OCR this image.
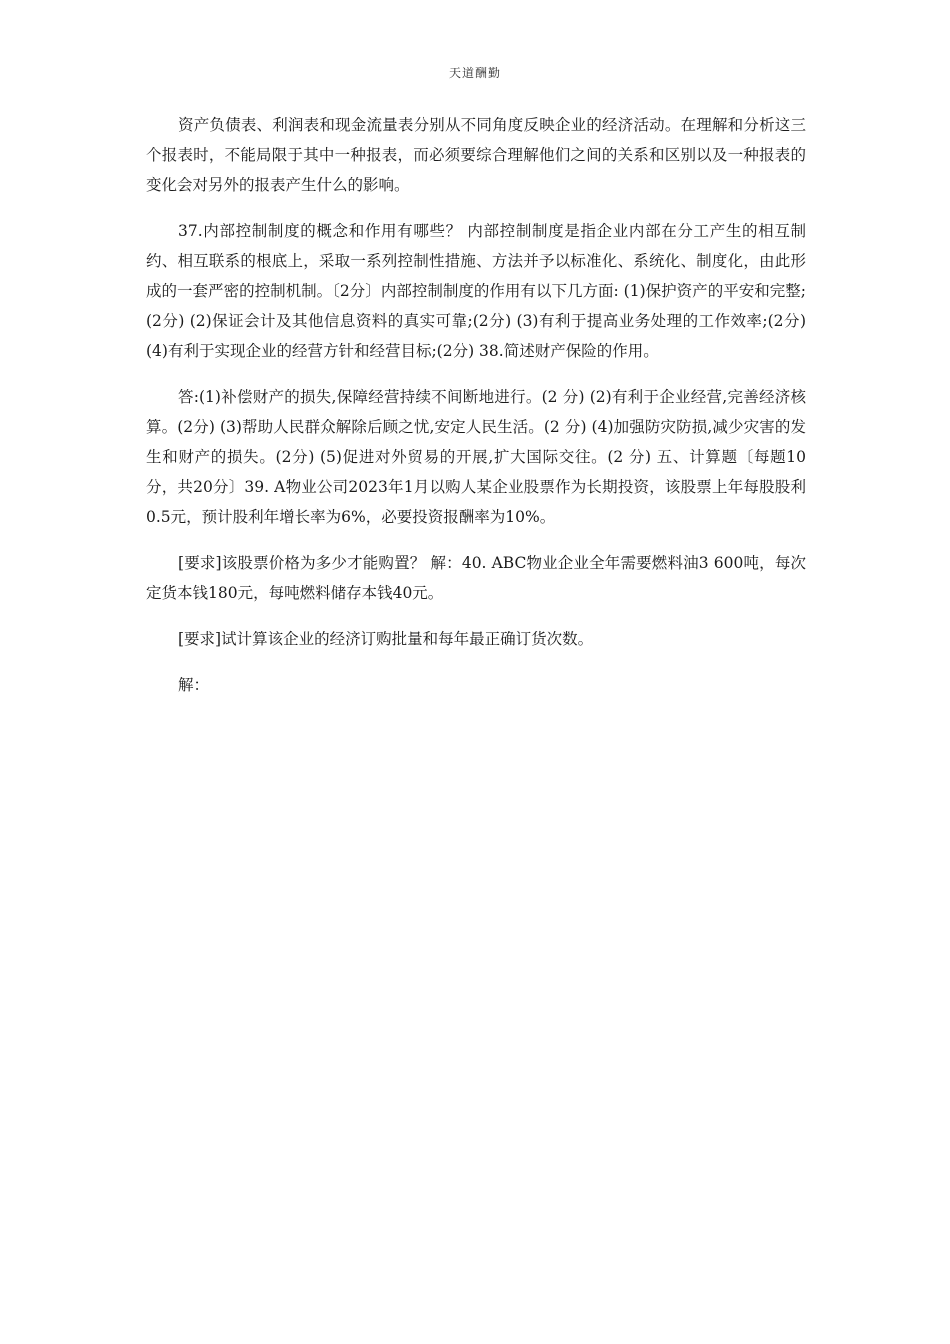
天道酬勤

资产负债表、利润表和现金流量表分别从不同角度反映企业的经济活动。在理解和分析这三个报表时，不能局限于其中一种报表，而必须要综合理解他们之间的关系和区别以及一种报表的变化会对另外的报表产生什么的影响。

37.内部控制制度的概念和作用有哪些？ 内部控制制度是指企业内部在分工产生的相互制约、相互联系的根底上，采取一系列控制性措施、方法并予以标准化、系统化、制度化，由此形成的一套严密的控制机制。〔2分〕内部控制制度的作用有以下几方面: (1)保护资产的平安和完整;(2分) (2)保证会计及其他信息资料的真实可靠;(2分) (3)有利于提高业务处理的工作效率;(2分) (4)有利于实现企业的经营方针和经营目标;(2分) 38.简述财产保险的作用。

答:(1)补偿财产的损失,保障经营持续不间断地进行。(2 分) (2)有利于企业经营,完善经济核算。(2分) (3)帮助人民群众解除后顾之忧,安定人民生活。(2 分) (4)加强防灾防损,减少灾害的发生和财产的损失。(2分) (5)促进对外贸易的开展,扩大国际交往。(2 分) 五、计算题〔每题10分，共20分〕39. A物业公司2023年1月以购人某企业股票作为长期投资，该股票上年每股股利0.5元，预计股利年增长率为6%，必要投资报酬率为10%。

[要求]该股票价格为多少才能购置？ 解：40. ABC物业企业全年需要燃料油3 600吨，每次定货本钱180元，每吨燃料储存本钱40元。

[要求]试计算该企业的经济订购批量和每年最正确订货次数。

解：
